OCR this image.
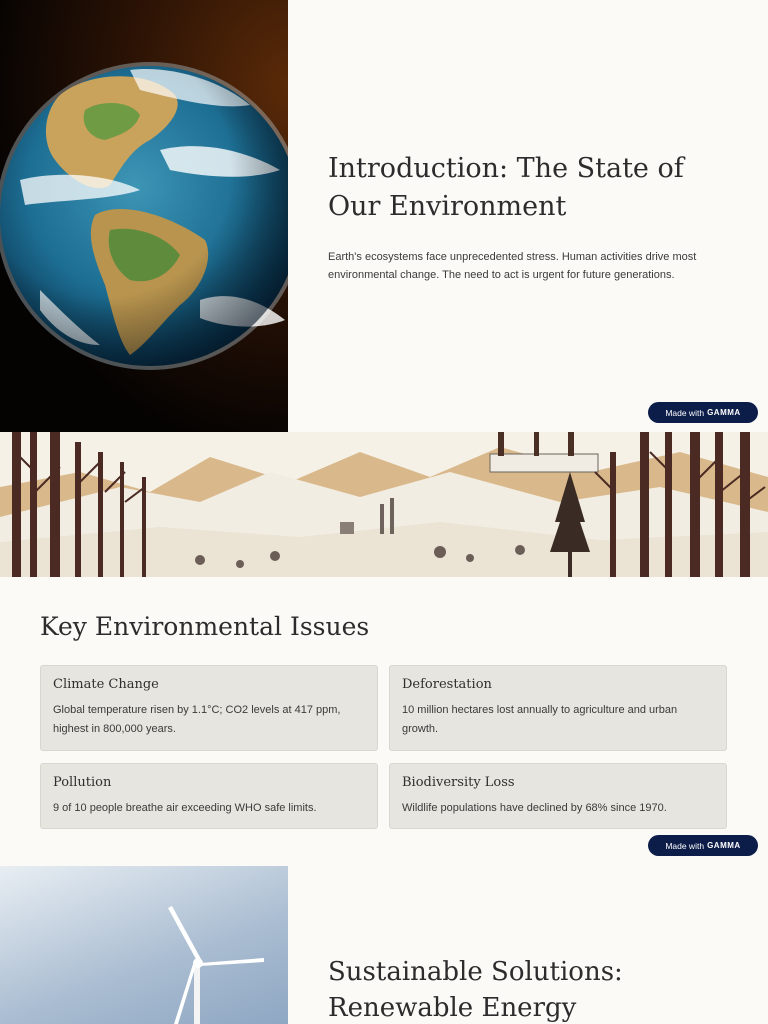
Introduction: The State of Our Environment

Earth's ecosystems face unprecedented stress. Human activities drive most environmental change. The need to act is urgent for future generations.

Made with GAMMA
Key Environmental Issues
Climate Change
Global temperature risen by 1.1°C; CO2 levels at 417 ppm, highest in 800,000 years.
Deforestation
10 million hectares lost annually to agriculture and urban growth.
Pollution
9 of 10 people breathe air exceeding WHO safe limits.
Biodiversity Loss
Wildlife populations have declined by 68% since 1970.
Made with GAMMA
Sustainable Solutions: Renewable Energy
